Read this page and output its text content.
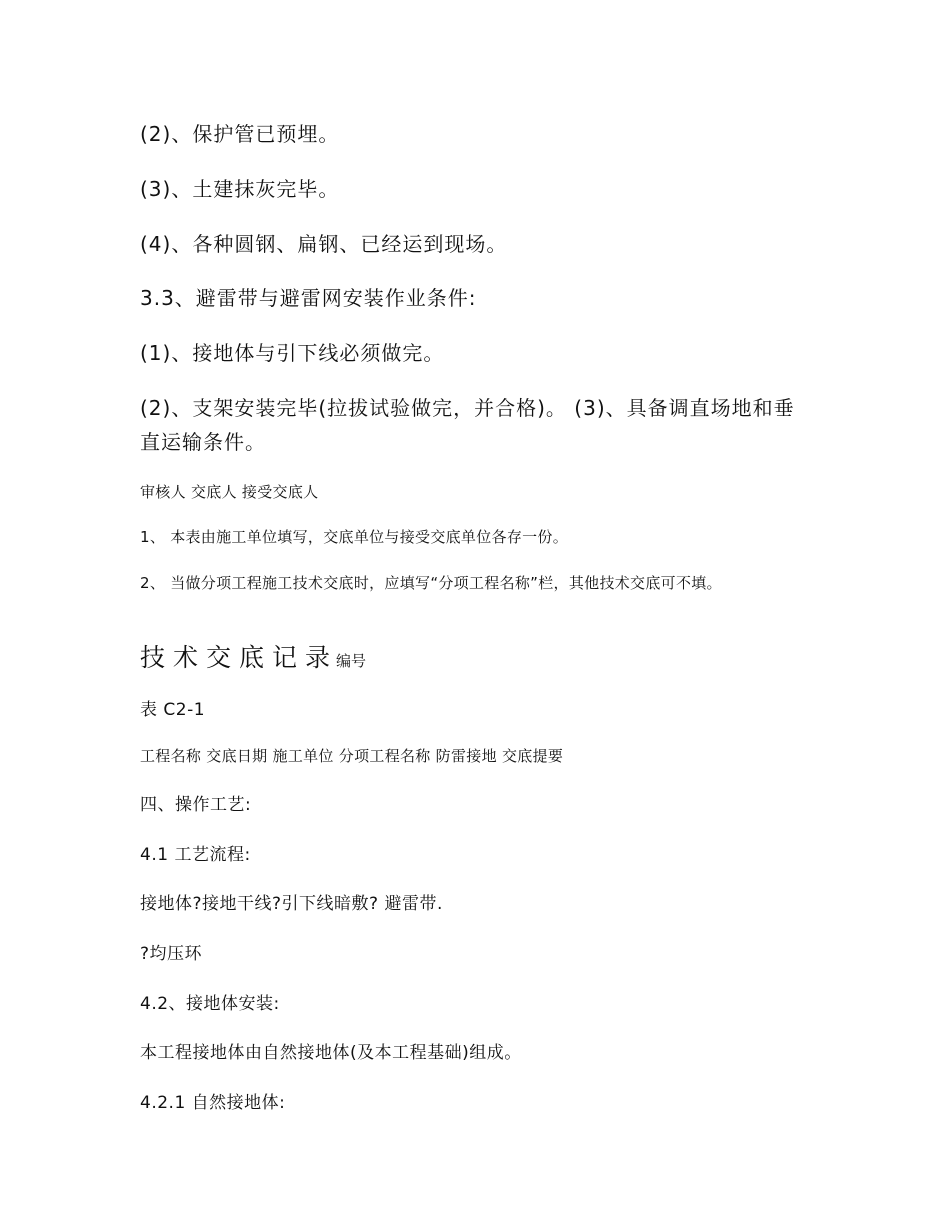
(2)、保护管已预埋。

(3)、土建抹灰完毕。

(4)、各种圆钢、扁钢、已经运到现场。

3.3、避雷带与避雷网安装作业条件:

(1)、接地体与引下线必须做完。

(2)、支架安装完毕(拉拔试验做完，并合格)。 (3)、具备调直场地和垂直运输条件。

审核人 交底人 接受交底人

1、 本表由施工单位填写，交底单位与接受交底单位各存一份。

2、 当做分项工程施工技术交底时，应填写“分项工程名称”栏，其他技术交底可不填。

技术交底记录编号

表 C2-1

工程名称 交底日期 施工单位 分项工程名称 防雷接地 交底提要

四、操作工艺:

4.1 工艺流程:

接地体?接地干线?引下线暗敷? 避雷带.

?均压环

4.2、接地体安装:

本工程接地体由自然接地体(及本工程基础)组成。

4.2.1 自然接地体:
